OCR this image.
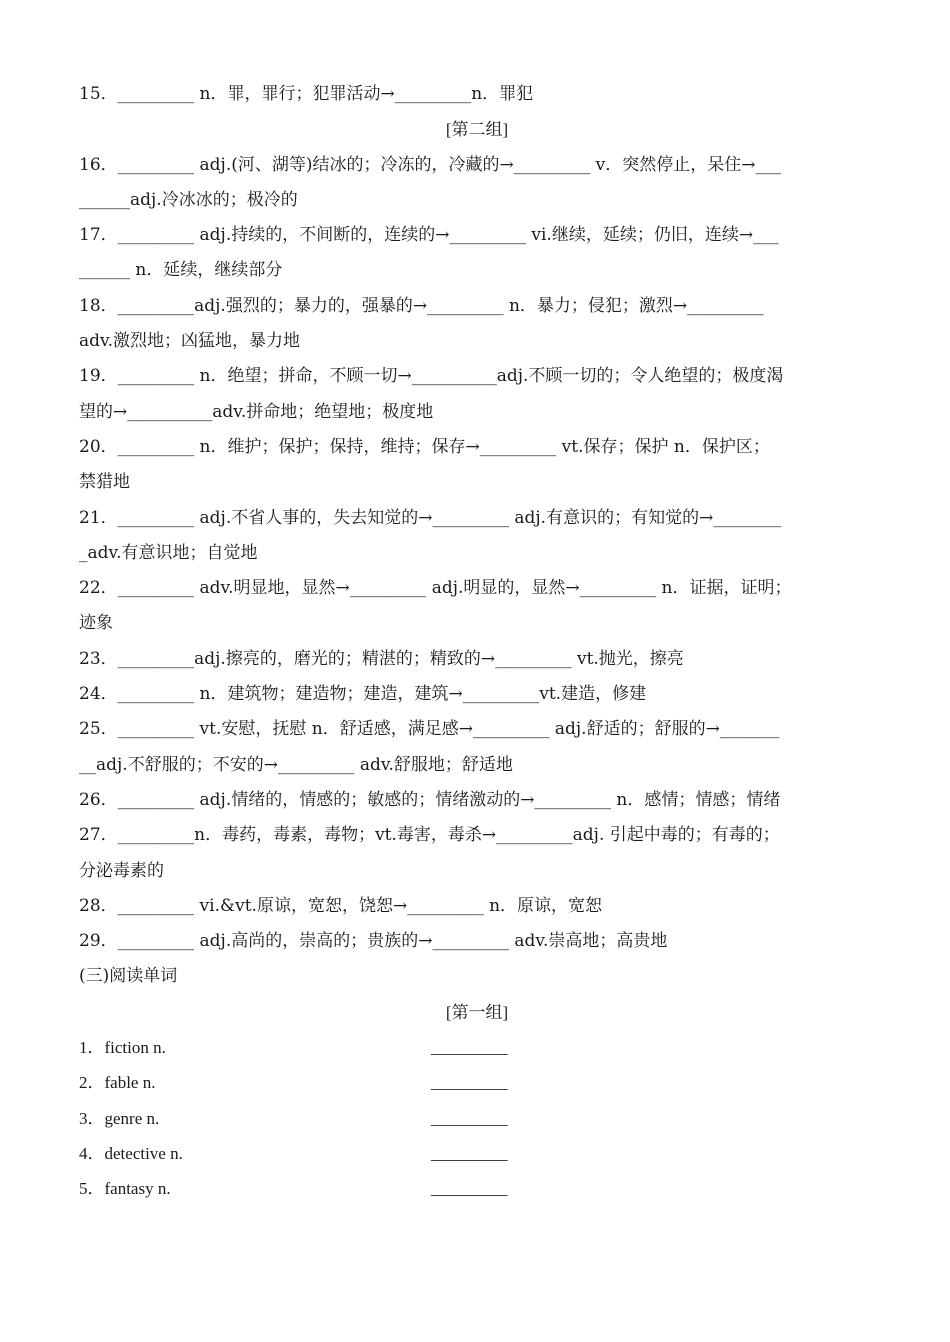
15．_________ n．罪，罪行；犯罪活动→_________n．罪犯
[第二组]
16．_________ adj.(河、湖等)结冰的；冷冻的，冷藏的→_________ v．突然停止，呆住→___
______adj.冷冰冰的；极冷的
17．_________ adj.持续的，不间断的，连续的→_________ vi.继续，延续；仍旧，连续→___
______ n．延续，继续部分
18．_________adj.强烈的；暴力的，强暴的→_________ n．暴力；侵犯；激烈→_________
adv.激烈地；凶猛地，暴力地
19．_________ n．绝望；拼命，不顾一切→__________adj.不顾一切的；令人绝望的；极度渴
望的→__________adv.拼命地；绝望地；极度地
20．_________ n．维护；保护；保持，维持；保存→_________ vt.保存；保护 n．保护区；
禁猎地
21．_________ adj.不省人事的，失去知觉的→_________ adj.有意识的；有知觉的→________
_adv.有意识地；自觉地
22．_________ adv.明显地，显然→_________ adj.明显的，显然→_________ n．证据，证明；
迹象
23．_________adj.擦亮的，磨光的；精湛的；精致的→_________ vt.抛光，擦亮
24．_________ n．建筑物；建造物；建造，建筑→_________vt.建造，修建
25．_________ vt.安慰，抚慰 n．舒适感，满足感→_________ adj.舒适的；舒服的→_______
__adj.不舒服的；不安的→_________ adv.舒服地；舒适地
26．_________ adj.情绪的，情感的；敏感的；情绪激动的→_________ n．感情；情感；情绪
27．_________n．毒药，毒素，毒物；vt.毒害，毒杀→_________adj. 引起中毒的；有毒的；
分泌毒素的
28．_________ vi.&vt.原谅，宽恕，饶恕→_________ n．原谅，宽恕
29．_________ adj.高尚的，崇高的；贵族的→_________ adv.崇高地；高贵地
(三)阅读单词
[第一组]
1．fiction n.	_________
2．fable n.	_________
3．genre n.	_________
4．detective n.	_________
5．fantasy n.	_________
